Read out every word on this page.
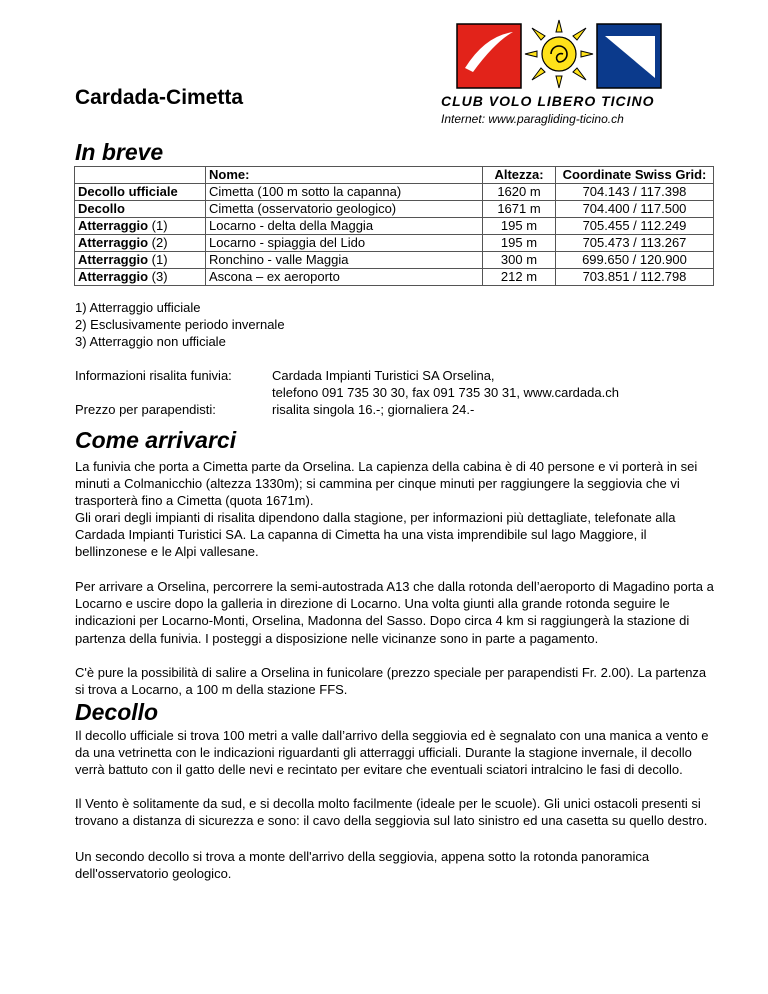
Cardada-Cimetta	CLUB VOLO LIBERO TICINO
Internet: www.paragliding-ticino.ch
In breve
	Nome:	Altezza:	Coordinate Swiss Grid:
Decollo ufficiale	Cimetta (100 m sotto la capanna)	1620 m	704.143 / 117.398
Decollo	Cimetta (osservatorio geologico)	1671 m	704.400 / 117.500
Atterraggio (1)	Locarno - delta della Maggia	195 m	705.455 / 112.249
Atterraggio (2)	Locarno - spiaggia del Lido	195 m	705.473 / 113.267
Atterraggio (1)	Ronchino - valle Maggia	300 m	699.650 / 120.900
Atterraggio (3)	Ascona – ex aeroporto	212 m	703.851 / 112.798
1) Atterraggio ufficiale
2) Esclusivamente periodo invernale
3) Atterraggio non ufficiale
Informazioni risalita funivia:	Cardada Impianti Turistici SA Orselina,
telefono 091 735 30 30, fax 091 735 30 31, www.cardada.ch
Prezzo per parapendisti:	risalita singola 16.-; giornaliera 24.-
Come arrivarci

La funivia che porta a Cimetta parte da Orselina. La capienza della cabina è di 40 persone e vi porterà in sei minuti a Colmanicchio (altezza 1330m); si cammina per cinque minuti per raggiungere la seggiovia che vi trasporterà fino a Cimetta (quota 1671m).

Gli orari degli impianti di risalita dipendono dalla stagione, per informazioni più dettagliate, telefonate alla Cardada Impianti Turistici SA. La capanna di Cimetta ha una vista imprendibile sul lago Maggiore, il bellinzonese e le Alpi vallesane.

Per arrivare a Orselina, percorrere la semi-autostrada A13 che dalla rotonda dell’aeroporto di Magadino porta a Locarno e uscire dopo la galleria in direzione di Locarno. Una volta giunti alla grande rotonda seguire le indicazioni per Locarno-Monti, Orselina, Madonna del Sasso. Dopo circa 4 km si raggiungerà la stazione di partenza della funivia. I posteggi a disposizione nelle vicinanze sono in parte a pagamento.

C'è pure la possibilità di salire a Orselina in funicolare (prezzo speciale per parapendisti Fr. 2.00). La partenza si trova a Locarno, a 100 m della stazione FFS.

Decollo

Il decollo ufficiale si trova 100 metri a valle dall’arrivo della seggiovia ed è segnalato con una manica a vento e da una vetrinetta con le indicazioni riguardanti gli atterraggi ufficiali. Durante la stagione invernale, il decollo verrà battuto con il gatto delle nevi e recintato per evitare che eventuali sciatori intralcino le fasi di decollo.

Il Vento è solitamente da sud, e si decolla molto facilmente (ideale per le scuole). Gli unici ostacoli presenti si trovano a distanza di sicurezza e sono: il cavo della seggiovia sul lato sinistro ed una casetta su quello destro.

Un secondo decollo si trova a monte dell'arrivo della seggiovia, appena sotto la rotonda panoramica dell'osservatorio geologico.
